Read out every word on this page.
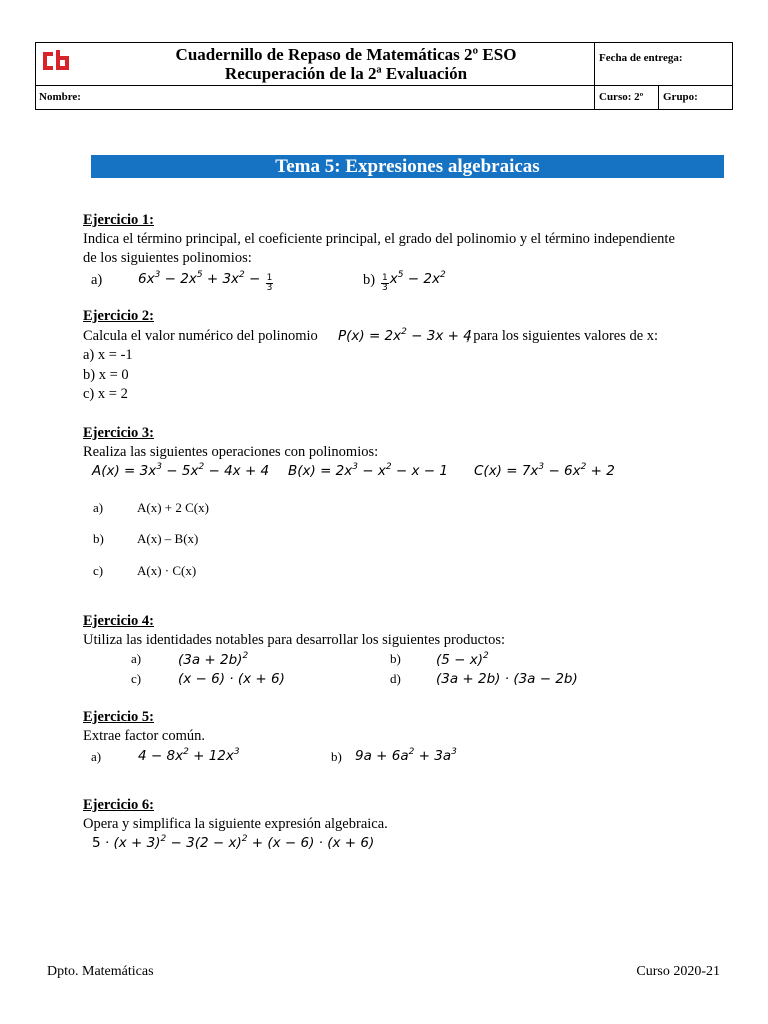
Cuadernillo de Repaso de Matemáticas 2º ESO
Recuperación de la 2ª Evaluación
Fecha de entrega:
Nombre:	Curso: 2º Grupo:
Tema 5: Expresiones algebraicas
Ejercicio 1:
Indica el término principal, el coeficiente principal, el grado del polinomio y el término independiente
de los siguientes polinomios:
a)	$6x^3 - 2x^5 + 3x^2 - \frac{1}{3}$	$b) \frac{1}{3} x^5 - 2x^2$
Ejercicio 2:
Calcula el valor numérico del polinomio $P(x) = 2x^2 - 3x + 4$
, para los siguientes valores de x:
a) x = -1
b) x = 0
c) x = 2
Ejercicio 3:
Realiza las siguientes operaciones con polinomios:
$A(x) = 3x^3 - 5x^2 - 4x + 4$ $B(x) = 2x^3 - x^2 - x - 1$ $C(x) = 7x^3 - 6x^2 + 2$
a)	A(x) + 2 C(x)
b)	A(x) – B(x)
c)	A(x) · C(x)
Ejercicio 4:
Utiliza las identidades notables para desarrollar los siguientes productos:
a)	$(3a + 2b)^2$	b)	$(5 - x)^2$
c)	(x − 6) · (x + 6)	d)	(3a + 2b) · (3a − 2b)
Ejercicio 5:
Extrae factor común.
a)	$4 - 8x^2 + 12x^3$	b) $9a + 6a^2 + 3a^3$
Ejercicio 6:
Opera y simplifica la siguiente expresión algebraica.
$5 \cdot (x + 3)^2 - 3(2 - x)^2 + (x - 6) \cdot (x + 6)$
Dpto. Matemáticas	Curso 2020-21
